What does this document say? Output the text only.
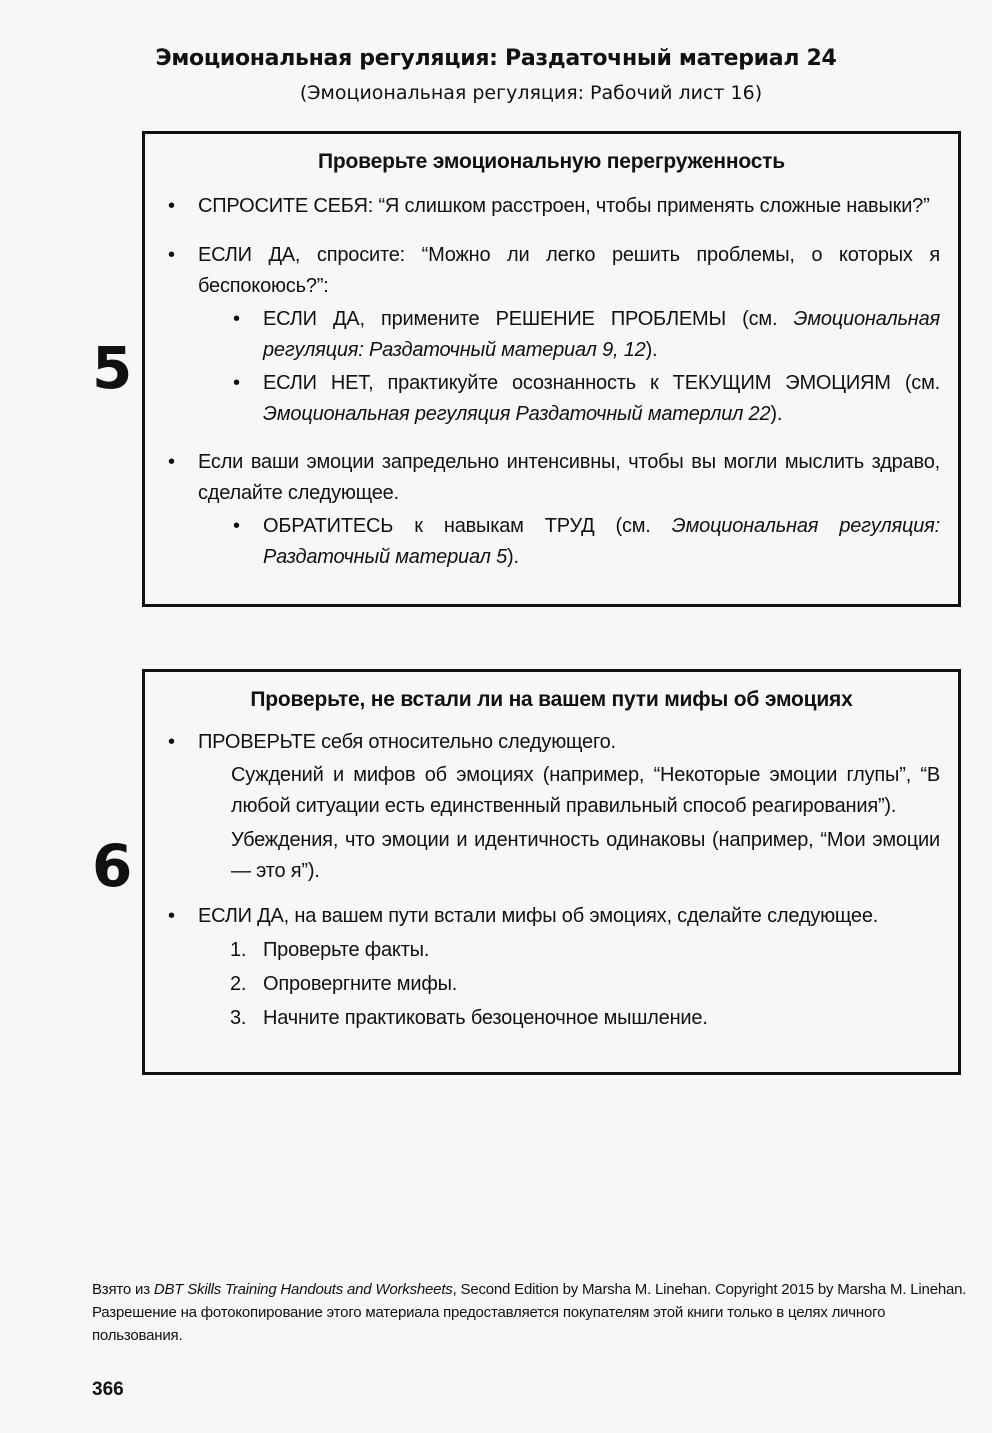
Эмоциональная регуляция: Раздаточный материал 24
(Эмоциональная регуляция: Рабочий лист 16)
5
6
Проверьте эмоциональную перегруженность
• СПРОСИТЕ СЕБЯ: “Я слишком расстроен, чтобы применять сложные навыки?”
• ЕСЛИ ДА, спросите: “Можно ли легко решить проблемы, о которых я беспокоюсь?”:
• ЕСЛИ ДА, примените РЕШЕНИЕ ПРОБЛЕМЫ (см. Эмоциональная регуляция: Раздаточный материал 9, 12).
• ЕСЛИ НЕТ, практикуйте осознанность к ТЕКУЩИМ ЭМОЦИЯМ (см. Эмоциональная регуляция Раздаточный матерлил 22).
• Если ваши эмоции запредельно интенсивны, чтобы вы могли мыслить здраво, сделайте следующее.
• ОБРАТИТЕСЬ к навыкам ТРУД (см. Эмоциональная регуляция: Раздаточный материал 5).
Проверьте, не встали ли на вашем пути мифы об эмоциях
• ПРОВЕРЬТЕ себя относительно следующего.
Суждений и мифов об эмоциях (например, “Некоторые эмоции глупы”, “В любой ситуации есть единственный правильный способ реагирования”).
Убеждения, что эмоции и идентичность одинаковы (например, “Мои эмоции — это я”).
• ЕСЛИ ДА, на вашем пути встали мифы об эмоциях, сделайте следующее.
1. Проверьте факты.
2. Опровергните мифы.
3. Начните практиковать безоценочное мышление.
Взято из DBT Skills Training Handouts and Worksheets, Second Edition by Marsha M. Linehan. Copyright 2015 by Marsha M. Linehan. Разрешение на фотокопирование этого материала предоставляется покупателям этой книги только в целях личного пользования.
366
